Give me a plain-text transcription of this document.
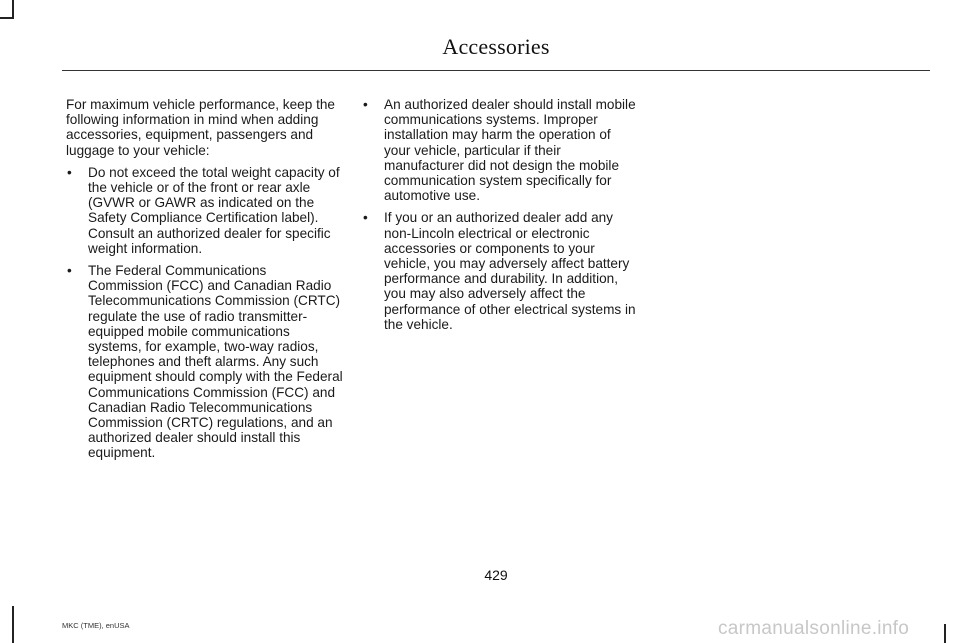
Accessories

For maximum vehicle performance, keep the following information in mind when adding accessories, equipment, passengers and luggage to your vehicle:

• Do not exceed the total weight capacity of the vehicle or of the front or rear axle (GVWR or GAWR as indicated on the Safety Compliance Certification label). Consult an authorized dealer for specific weight information.
• The Federal Communications Commission (FCC) and Canadian Radio Telecommunications Commission (CRTC) regulate the use of radio transmitter-equipped mobile communications systems, for example, two-way radios, telephones and theft alarms. Any such equipment should comply with the Federal Communications Commission (FCC) and Canadian Radio Telecommunications Commission (CRTC) regulations, and an authorized dealer should install this equipment.
• An authorized dealer should install mobile communications systems. Improper installation may harm the operation of your vehicle, particular if their manufacturer did not design the mobile communication system specifically for automotive use.
• If you or an authorized dealer add any non-Lincoln electrical or electronic accessories or components to your vehicle, you may adversely affect battery performance and durability. In addition, you may also adversely affect the performance of other electrical systems in the vehicle.
429
MKC (TME), enUSA	carmanualsonline.info
